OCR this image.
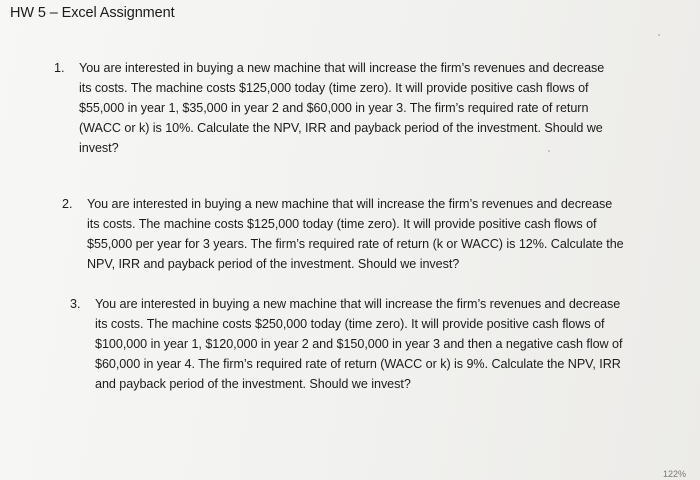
HW 5 – Excel Assignment
1. You are interested in buying a new machine that will increase the firm’s revenues and decrease
its costs. The machine costs $125,000 today (time zero). It will provide positive cash flows of
$55,000 in year 1, $35,000 in year 2 and $60,000 in year 3. The firm’s required rate of return
(WACC or k) is 10%. Calculate the NPV, IRR and payback period of the investment. Should we
invest?
2. You are interested in buying a new machine that will increase the firm’s revenues and decrease
its costs. The machine costs $125,000 today (time zero). It will provide positive cash flows of
$55,000 per year for 3 years. The firm’s required rate of return (k or WACC) is 12%. Calculate the
NPV, IRR and payback period of the investment. Should we invest?
3. You are interested in buying a new machine that will increase the firm’s revenues and decrease
its costs. The machine costs $250,000 today (time zero). It will provide positive cash flows of
$100,000 in year 1, $120,000 in year 2 and $150,000 in year 3 and then a negative cash flow of
$60,000 in year 4. The firm’s required rate of return (WACC or k) is 9%. Calculate the NPV, IRR
and payback period of the investment. Should we invest?
122%
